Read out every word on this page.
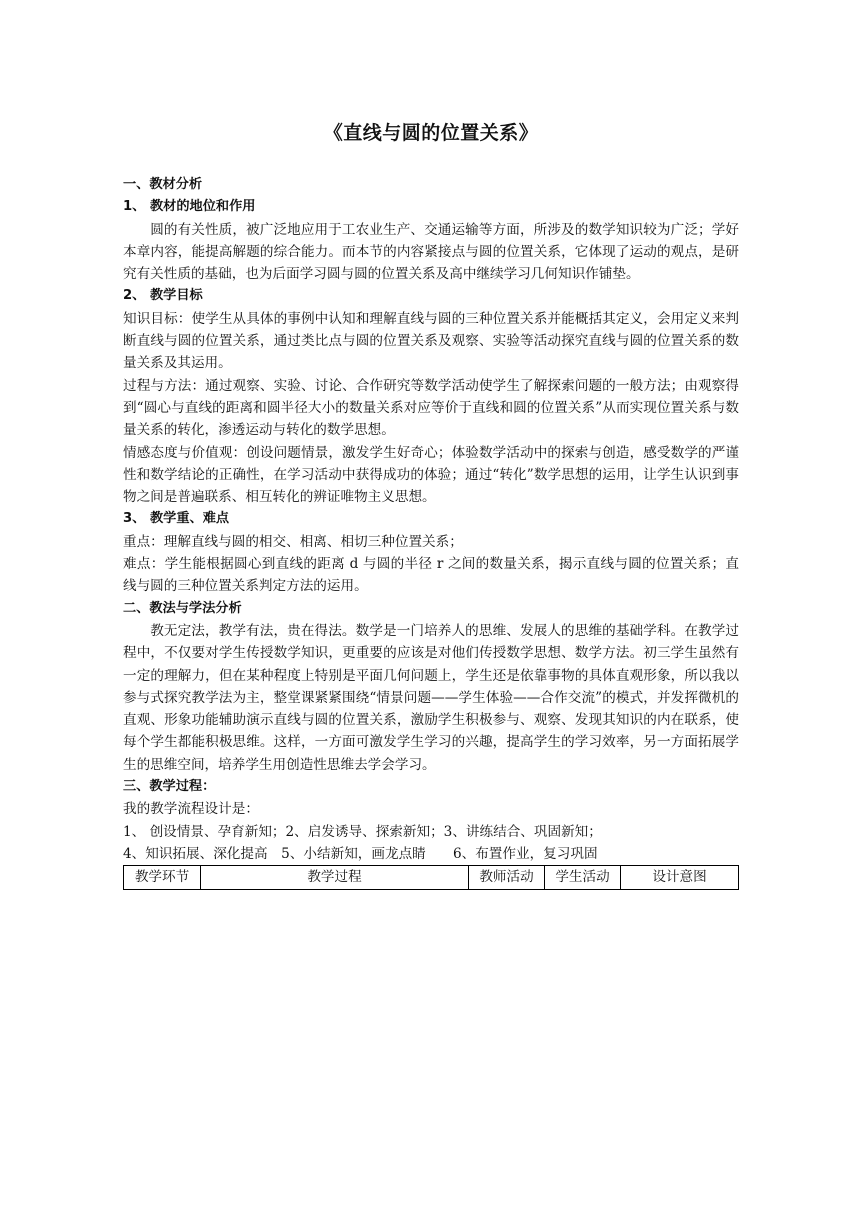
《直线与圆的位置关系》
一、教材分析
1、 教材的地位和作用
圆的有关性质，被广泛地应用于工农业生产、交通运输等方面，所涉及的数学知识较为广泛；学好本章内容，能提高解题的综合能力。而本节的内容紧接点与圆的位置关系，它体现了运动的观点，是研究有关性质的基础，也为后面学习圆与圆的位置关系及高中继续学习几何知识作铺垫。
2、 教学目标
知识目标：使学生从具体的事例中认知和理解直线与圆的三种位置关系并能概括其定义，会用定义来判断直线与圆的位置关系，通过类比点与圆的位置关系及观察、实验等活动探究直线与圆的位置关系的数量关系及其运用。
过程与方法：通过观察、实验、讨论、合作研究等数学活动使学生了解探索问题的一般方法；由观察得到“圆心与直线的距离和圆半径大小的数量关系对应等价于直线和圆的位置关系”从而实现位置关系与数量关系的转化，渗透运动与转化的数学思想。
情感态度与价值观：创设问题情景，激发学生好奇心；体验数学活动中的探索与创造，感受数学的严谨性和数学结论的正确性，在学习活动中获得成功的体验；通过“转化”数学思想的运用，让学生认识到事物之间是普遍联系、相互转化的辨证唯物主义思想。
3、 教学重、难点
重点：理解直线与圆的相交、相离、相切三种位置关系；
难点：学生能根据圆心到直线的距离 d 与圆的半径 r 之间的数量关系，揭示直线与圆的位置关系；直线与圆的三种位置关系判定方法的运用。
二、教法与学法分析
教无定法，教学有法，贵在得法。数学是一门培养人的思维、发展人的思维的基础学科。在教学过程中，不仅要对学生传授数学知识，更重要的应该是对他们传授数学思想、数学方法。初三学生虽然有一定的理解力，但在某种程度上特别是平面几何问题上，学生还是依靠事物的具体直观形象，所以我以参与式探究教学法为主，整堂课紧紧围绕“情景问题——学生体验——合作交流”的模式，并发挥微机的直观、形象功能辅助演示直线与圆的位置关系，激励学生积极参与、观察、发现其知识的内在联系，使每个学生都能积极思维。这样，一方面可激发学生学习的兴趣，提高学生的学习效率，另一方面拓展学生的思维空间，培养学生用创造性思维去学会学习。
三、教学过程：
我的教学流程设计是：
1、 创设情景、孕育新知；2、启发诱导、探索新知；3、讲练结合、巩固新知；
4、知识拓展、深化提高　5、小结新知，画龙点睛　　6、布置作业，复习巩固
教学环节	教学过程	教师活动	学生活动	设计意图
